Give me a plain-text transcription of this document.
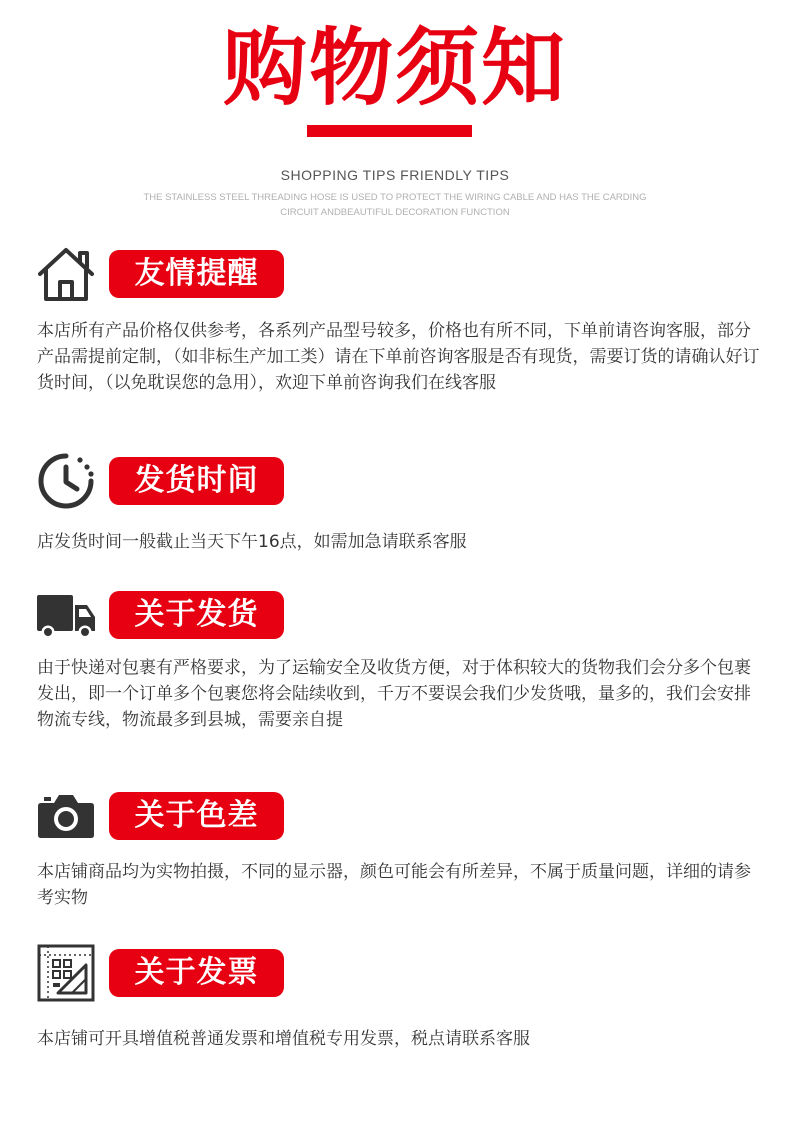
购物须知
SHOPPING TIPS FRIENDLY TIPS
THE STAINLESS STEEL THREADING HOSE IS USED TO PROTECT THE WIRING CABLE AND HAS THE CARDING
CIRCUIT ANDBEAUTIFUL DECORATION FUNCTION
友情提醒
本店所有产品价格仅供参考，各系列产品型号较多，价格也有所不同，下单前请咨询客服，部分产品需提前定制，（如非标生产加工类）请在下单前咨询客服是否有现货，需要订货的请确认好订货时间，（以免耽误您的急用），欢迎下单前咨询我们在线客服
发货时间
店发货时间一般截止当天下午16点，如需加急请联系客服
关于发货
由于快递对包裹有严格要求，为了运输安全及收货方便，对于体积较大的货物我们会分多个包裹发出，即一个订单多个包裹您将会陆续收到，千万不要误会我们少发货哦，量多的，我们会安排物流专线，物流最多到县城，需要亲自提
关于色差
本店铺商品均为实物拍摄，不同的显示器，颜色可能会有所差异，不属于质量问题，详细的请参考实物
关于发票
本店铺可开具增值税普通发票和增值税专用发票，税点请联系客服
